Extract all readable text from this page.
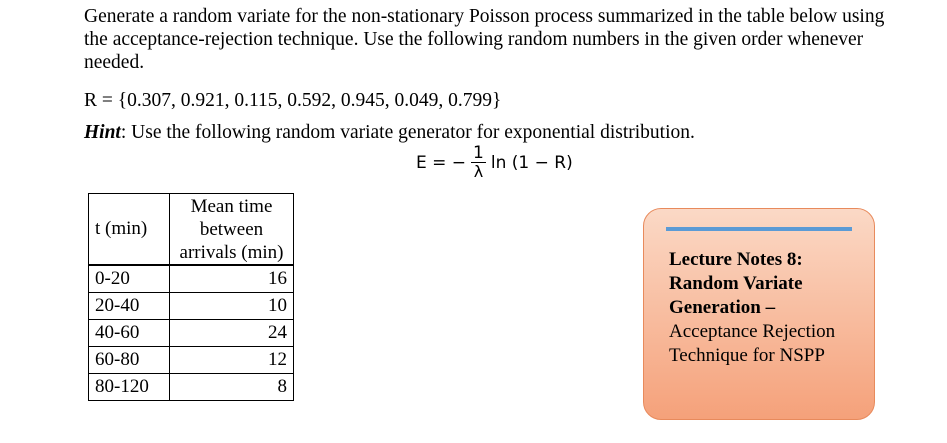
Generate a random variate for the non-stationary Poisson process summarized in the table below using the acceptance-rejection technique. Use the following random numbers in the given order whenever needed.
R = {0.307, 0.921, 0.115, 0.592, 0.945, 0.049, 0.799}
Hint: Use the following random variate generator for exponential distribution.
E = − $\frac{1}{\lambda}$ ln (1 − R)
t (min)	Mean time between arrivals (min)
0-20	16
20-40	10
40-60	24
60-80	12
80-120	8
Lecture Notes 8:
Random Variate
Generation –
Acceptance Rejection Technique for NSPP
